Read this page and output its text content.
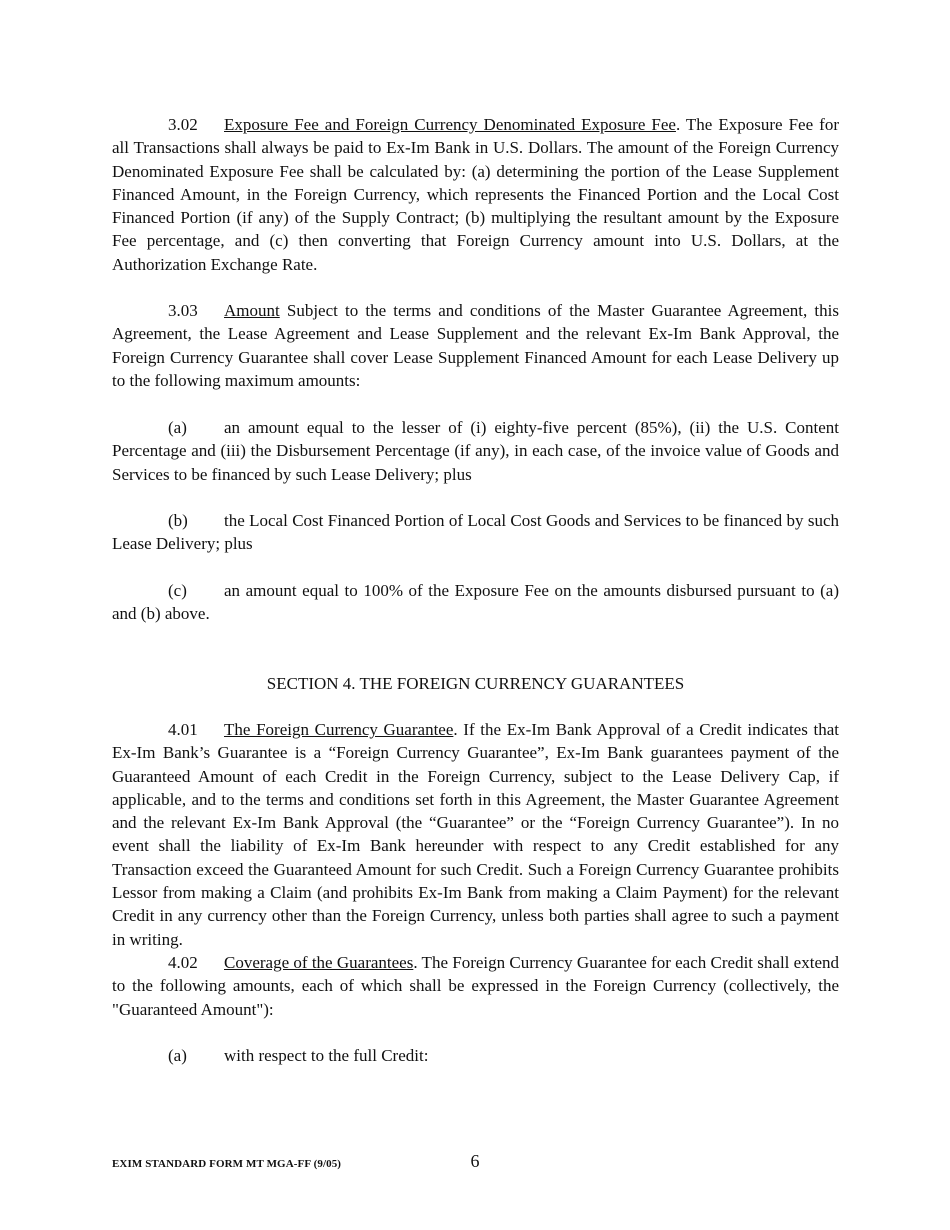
3.02 Exposure Fee and Foreign Currency Denominated Exposure Fee. The Exposure Fee for all Transactions shall always be paid to Ex-Im Bank in U.S. Dollars. The amount of the Foreign Currency Denominated Exposure Fee shall be calculated by: (a) determining the portion of the Lease Supplement Financed Amount, in the Foreign Currency, which represents the Financed Portion and the Local Cost Financed Portion (if any) of the Supply Contract; (b) multiplying the resultant amount by the Exposure Fee percentage, and (c) then converting that Foreign Currency amount into U.S. Dollars, at the Authorization Exchange Rate.

3.03 Amount Subject to the terms and conditions of the Master Guarantee Agreement, this Agreement, the Lease Agreement and Lease Supplement and the relevant Ex-Im Bank Approval, the Foreign Currency Guarantee shall cover Lease Supplement Financed Amount for each Lease Delivery up to the following maximum amounts:

(a) an amount equal to the lesser of (i) eighty-five percent (85%), (ii) the U.S. Content Percentage and (iii) the Disbursement Percentage (if any), in each case, of the invoice value of Goods and Services to be financed by such Lease Delivery; plus

(b) the Local Cost Financed Portion of Local Cost Goods and Services to be financed by such Lease Delivery; plus

(c) an amount equal to 100% of the Exposure Fee on the amounts disbursed pursuant to (a) and (b) above.

SECTION 4. THE FOREIGN CURRENCY GUARANTEES

4.01 The Foreign Currency Guarantee. If the Ex-Im Bank Approval of a Credit indicates that Ex-Im Bank’s Guarantee is a “Foreign Currency Guarantee”, Ex-Im Bank guarantees payment of the Guaranteed Amount of each Credit in the Foreign Currency, subject to the Lease Delivery Cap, if applicable, and to the terms and conditions set forth in this Agreement, the Master Guarantee Agreement and the relevant Ex-Im Bank Approval (the “Guarantee” or the “Foreign Currency Guarantee”). In no event shall the liability of Ex-Im Bank hereunder with respect to any Credit established for any Transaction exceed the Guaranteed Amount for such Credit. Such a Foreign Currency Guarantee prohibits Lessor from making a Claim (and prohibits Ex-Im Bank from making a Claim Payment) for the relevant Credit in any currency other than the Foreign Currency, unless both parties shall agree to such a payment in writing.

4.02 Coverage of the Guarantees. The Foreign Currency Guarantee for each Credit shall extend to the following amounts, each of which shall be expressed in the Foreign Currency (collectively, the "Guaranteed Amount"):

(a) with respect to the full Credit:

EXIM STANDARD FORM MT MGA-FF (9/05)	6
